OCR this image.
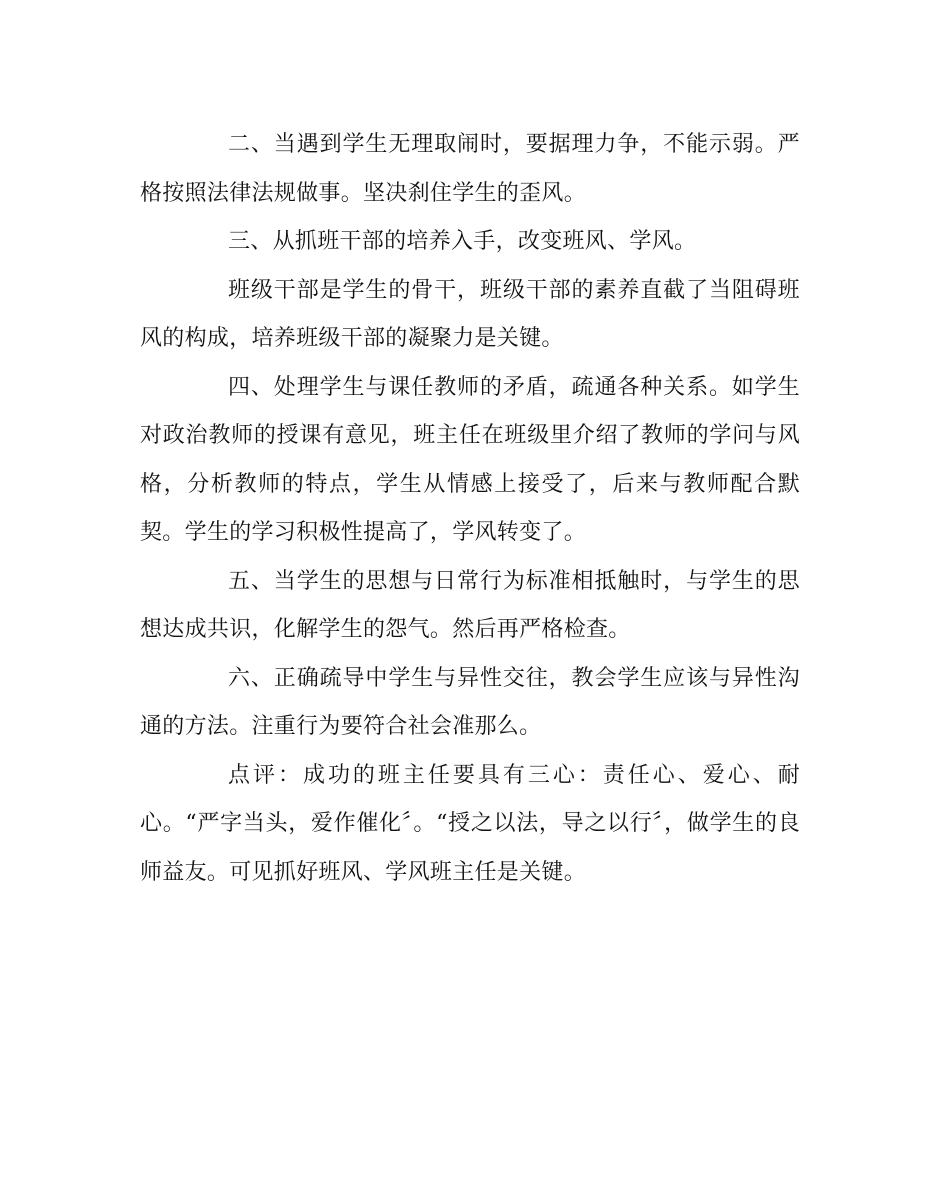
二、当遇到学生无理取闹时，要据理力争，不能示弱。严格按照法律法规做事。坚决刹住学生的歪风。

三、从抓班干部的培养入手，改变班风、学风。

班级干部是学生的骨干，班级干部的素养直截了当阻碍班风的构成，培养班级干部的凝聚力是关键。

四、处理学生与课任教师的矛盾，疏通各种关系。如学生对政治教师的授课有意见，班主任在班级里介绍了教师的学问与风格，分析教师的特点，学生从情感上接受了，后来与教师配合默契。学生的学习积极性提高了，学风转变了。

五、当学生的思想与日常行为标准相抵触时，与学生的思想达成共识，化解学生的怨气。然后再严格检查。

六、正确疏导中学生与异性交往，教会学生应该与异性沟通的方法。注重行为要符合社会准那么。

点评：成功的班主任要具有三心：责任心、爱心、耐心。“严字当头，爱作催化〞。“授之以法，导之以行〞，做学生的良师益友。可见抓好班风、学风班主任是关键。
